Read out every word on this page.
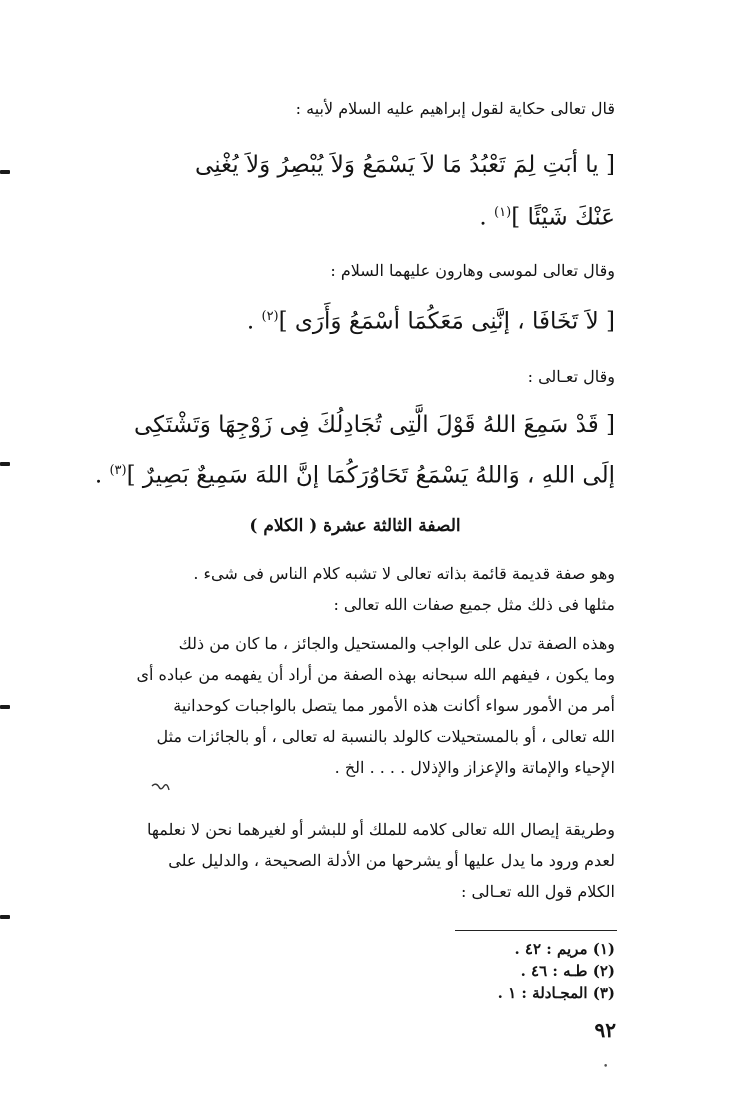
قال تعالى حكاية لقول إبراهيم عليه السلام لأبيه :
[ يا أبَتِ لِمَ تَعْبُدُ مَا لاَ يَسْمَعُ وَلاَ يُبْصِرُ وَلاَ يُغْنِى
عَنْكَ شَيْئًا ]$^{(١)}$ .
وقال تعالى لموسى وهارون عليهما السلام :
[ لاَ تَخَافَا ، إنَّنِى مَعَكُمَا أسْمَعُ وَأَرَى ]$^{(٢)}$ .
وقال تعـالى :
[ قَدْ سَمِعَ اللهُ قَوْلَ الَّتِى تُجَادِلُكَ فِى زَوْجِهَا وَتَشْتَكِى
إلَى اللهِ ، وَاللهُ يَسْمَعُ تَحَاوُرَكُمَا إنَّ اللهَ سَمِيعٌ بَصِيرٌ ]$^{(٣)}$ .
الصفة الثالثة عشرة ( الكلام )

وهو صفة قديمة قائمة بذاته تعالى لا تشبه كلام الناس فى شىء .

مثلها فى ذلك مثل جميع صفات الله تعالى :

وهذه الصفة تدل على الواجب والمستحيل والجائز ، ما كان من ذلك

وما يكون ، فيفهم الله سبحانه بهذه الصفة من أراد أن يفهمه من عباده أى

أمر من الأمور سواء أكانت هذه الأمور مما يتصل بالواجبات كوحدانية

الله تعالى ، أو بالمستحيلات كالولد بالنسبة له تعالى ، أو بالجائزات مثل

الإحياء والإماتة والإعزاز والإذلال . . . . الخ .

وطريقة إيصال الله تعالى كلامه للملك أو للبشر أو لغيرهما نحن لا نعلمها

لعدم ورود ما يدل عليها أو يشرحها من الأدلة الصحيحة ، والدليل على

الكلام قول الله تعـالى :

(١) مريم : ٤٢ .
(٢) طـه : ٤٦ .
(٣) المجـادلة : ١ .
٩٢
•
